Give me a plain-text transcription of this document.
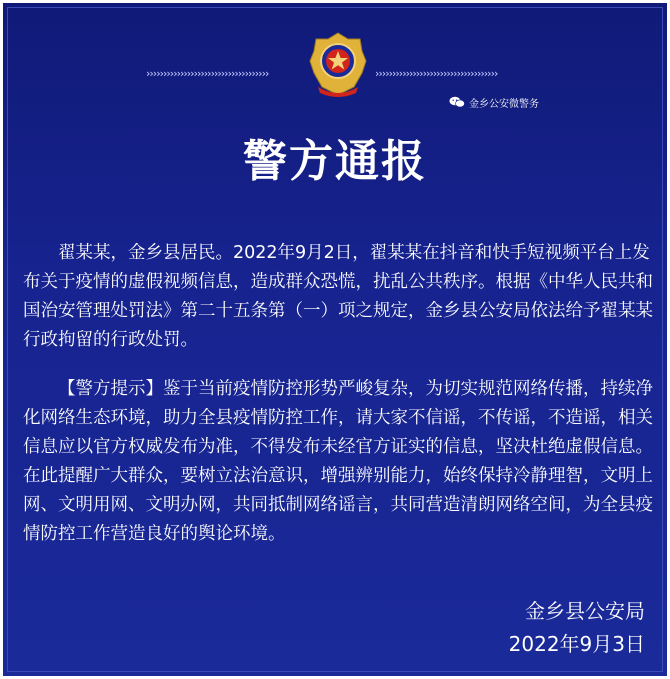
››››››››››››››››››››››››››››››››››››	››››››››››››››››››››››››››››››››››››
金乡公安微警务
警方通报

翟某某，金乡县居民。2022年9月2日，翟某某在抖音和快手短视频平台上发布关于疫情的虚假视频信息，造成群众恐慌，扰乱公共秩序。根据《中华人民共和国治安管理处罚法》第二十五条第（一）项之规定，金乡县公安局依法给予翟某某行政拘留的行政处罚。

【警方提示】鉴于当前疫情防控形势严峻复杂，为切实规范网络传播，持续净化网络生态环境，助力全县疫情防控工作，请大家不信谣，不传谣，不造谣，相关信息应以官方权威发布为准，不得发布未经官方证实的信息，坚决杜绝虚假信息。在此提醒广大群众，要树立法治意识，增强辨别能力，始终保持冷静理智，文明上网、文明用网、文明办网，共同抵制网络谣言，共同营造清朗网络空间，为全县疫情防控工作营造良好的舆论环境。

金乡县公安局
2022年9月3日
